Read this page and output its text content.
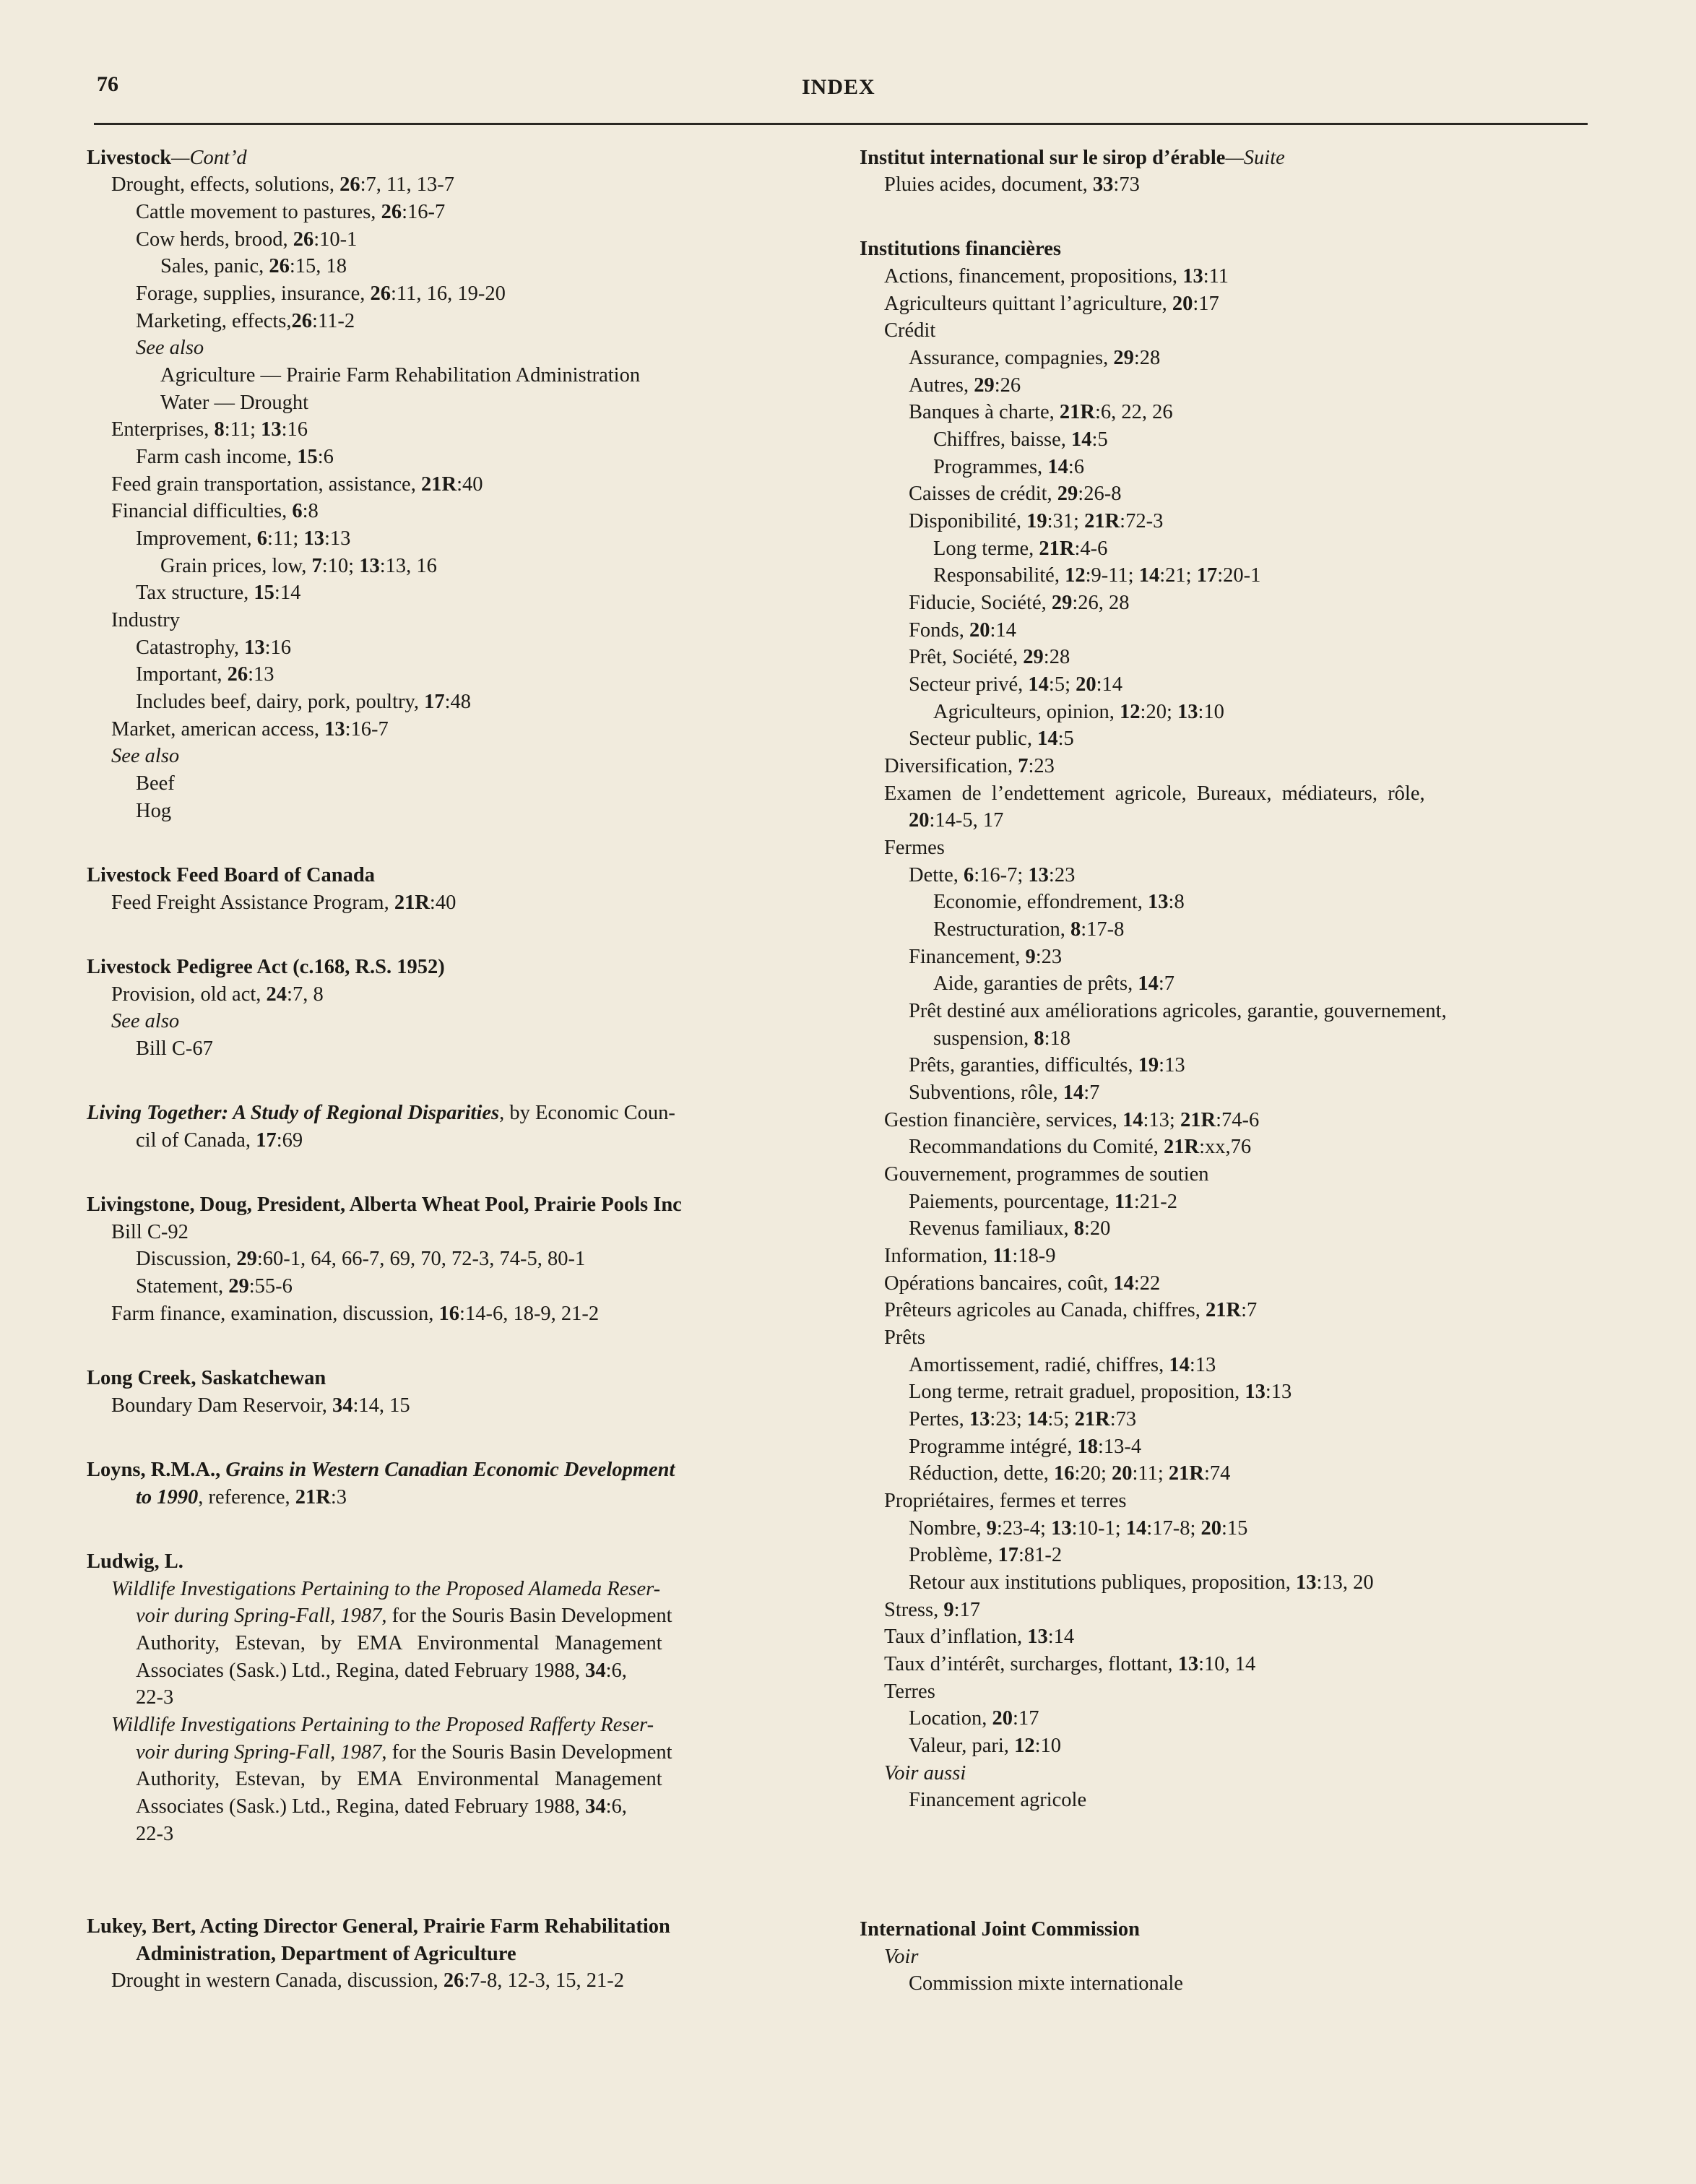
76	INDEX
Livestock—Cont’d
Drought, effects, solutions, 26:7, 11, 13-7
Cattle movement to pastures, 26:16-7
Cow herds, brood, 26:10-1
Sales, panic, 26:15, 18
Forage, supplies, insurance, 26:11, 16, 19-20
Marketing, effects,26:11-2
See also
Agriculture — Prairie Farm Rehabilitation Administration
Water — Drought
Enterprises, 8:11; 13:16
Farm cash income, 15:6
Feed grain transportation, assistance, 21R:40
Financial difficulties, 6:8
Improvement, 6:11; 13:13
Grain prices, low, 7:10; 13:13, 16
Tax structure, 15:14
Industry
Catastrophy, 13:16
Important, 26:13
Includes beef, dairy, pork, poultry, 17:48
Market, american access, 13:16-7
See also
Beef
Hog
Livestock Feed Board of Canada
Feed Freight Assistance Program, 21R:40
Livestock Pedigree Act (c.168, R.S. 1952)
Provision, old act, 24:7, 8
See also
Bill C-67
Living Together: A Study of Regional Disparities, by Economic Coun-
cil of Canada, 17:69
Livingstone, Doug, President, Alberta Wheat Pool, Prairie Pools Inc
Bill C-92
Discussion, 29:60-1, 64, 66-7, 69, 70, 72-3, 74-5, 80-1
Statement, 29:55-6
Farm finance, examination, discussion, 16:14-6, 18-9, 21-2
Long Creek, Saskatchewan
Boundary Dam Reservoir, 34:14, 15
Loyns, R.M.A., Grains in Western Canadian Economic Development
to 1990, reference, 21R:3
Ludwig, L.
Wildlife Investigations Pertaining to the Proposed Alameda Reser-
voir during Spring-Fall, 1987, for the Souris Basin Development
Authority,   Estevan,   by   EMA   Environmental   Management
Associates (Sask.) Ltd., Regina, dated February 1988, 34:6,
22-3
Wildlife Investigations Pertaining to the Proposed Rafferty Reser-
voir during Spring-Fall, 1987, for the Souris Basin Development
Authority,   Estevan,   by   EMA   Environmental   Management
Associates (Sask.) Ltd., Regina, dated February 1988, 34:6,
22-3
Lukey, Bert, Acting Director General, Prairie Farm Rehabilitation
Administration, Department of Agriculture
Drought in western Canada, discussion, 26:7-8, 12-3, 15, 21-2
Institut international sur le sirop d’érable—Suite
Pluies acides, document, 33:73
Institutions financières
Actions, financement, propositions, 13:11
Agriculteurs quittant l’agriculture, 20:17
Crédit
Assurance, compagnies, 29:28
Autres, 29:26
Banques à charte, 21R:6, 22, 26
Chiffres, baisse, 14:5
Programmes, 14:6
Caisses de crédit, 29:26-8
Disponibilité, 19:31; 21R:72-3
Long terme, 21R:4-6
Responsabilité, 12:9-11; 14:21; 17:20-1
Fiducie, Société, 29:26, 28
Fonds, 20:14
Prêt, Société, 29:28
Secteur privé, 14:5; 20:14
Agriculteurs, opinion, 12:20; 13:10
Secteur public, 14:5
Diversification, 7:23
Examen  de  l’endettement  agricole,  Bureaux,  médiateurs,  rôle,
20:14-5, 17
Fermes
Dette, 6:16-7; 13:23
Economie, effondrement, 13:8
Restructuration, 8:17-8
Financement, 9:23
Aide, garanties de prêts, 14:7
Prêt destiné aux améliorations agricoles, garantie, gouvernement,
suspension, 8:18
Prêts, garanties, difficultés, 19:13
Subventions, rôle, 14:7
Gestion financière, services, 14:13; 21R:74-6
Recommandations du Comité, 21R:xx,76
Gouvernement, programmes de soutien
Paiements, pourcentage, 11:21-2
Revenus familiaux, 8:20
Information, 11:18-9
Opérations bancaires, coût, 14:22
Prêteurs agricoles au Canada, chiffres, 21R:7
Prêts
Amortissement, radié, chiffres, 14:13
Long terme, retrait graduel, proposition, 13:13
Pertes, 13:23; 14:5; 21R:73
Programme intégré, 18:13-4
Réduction, dette, 16:20; 20:11; 21R:74
Propriétaires, fermes et terres
Nombre, 9:23-4; 13:10-1; 14:17-8; 20:15
Problème, 17:81-2
Retour aux institutions publiques, proposition, 13:13, 20
Stress, 9:17
Taux d’inflation, 13:14
Taux d’intérêt, surcharges, flottant, 13:10, 14
Terres
Location, 20:17
Valeur, pari, 12:10
Voir aussi
Financement agricole
International Joint Commission
Voir
Commission mixte internationale
